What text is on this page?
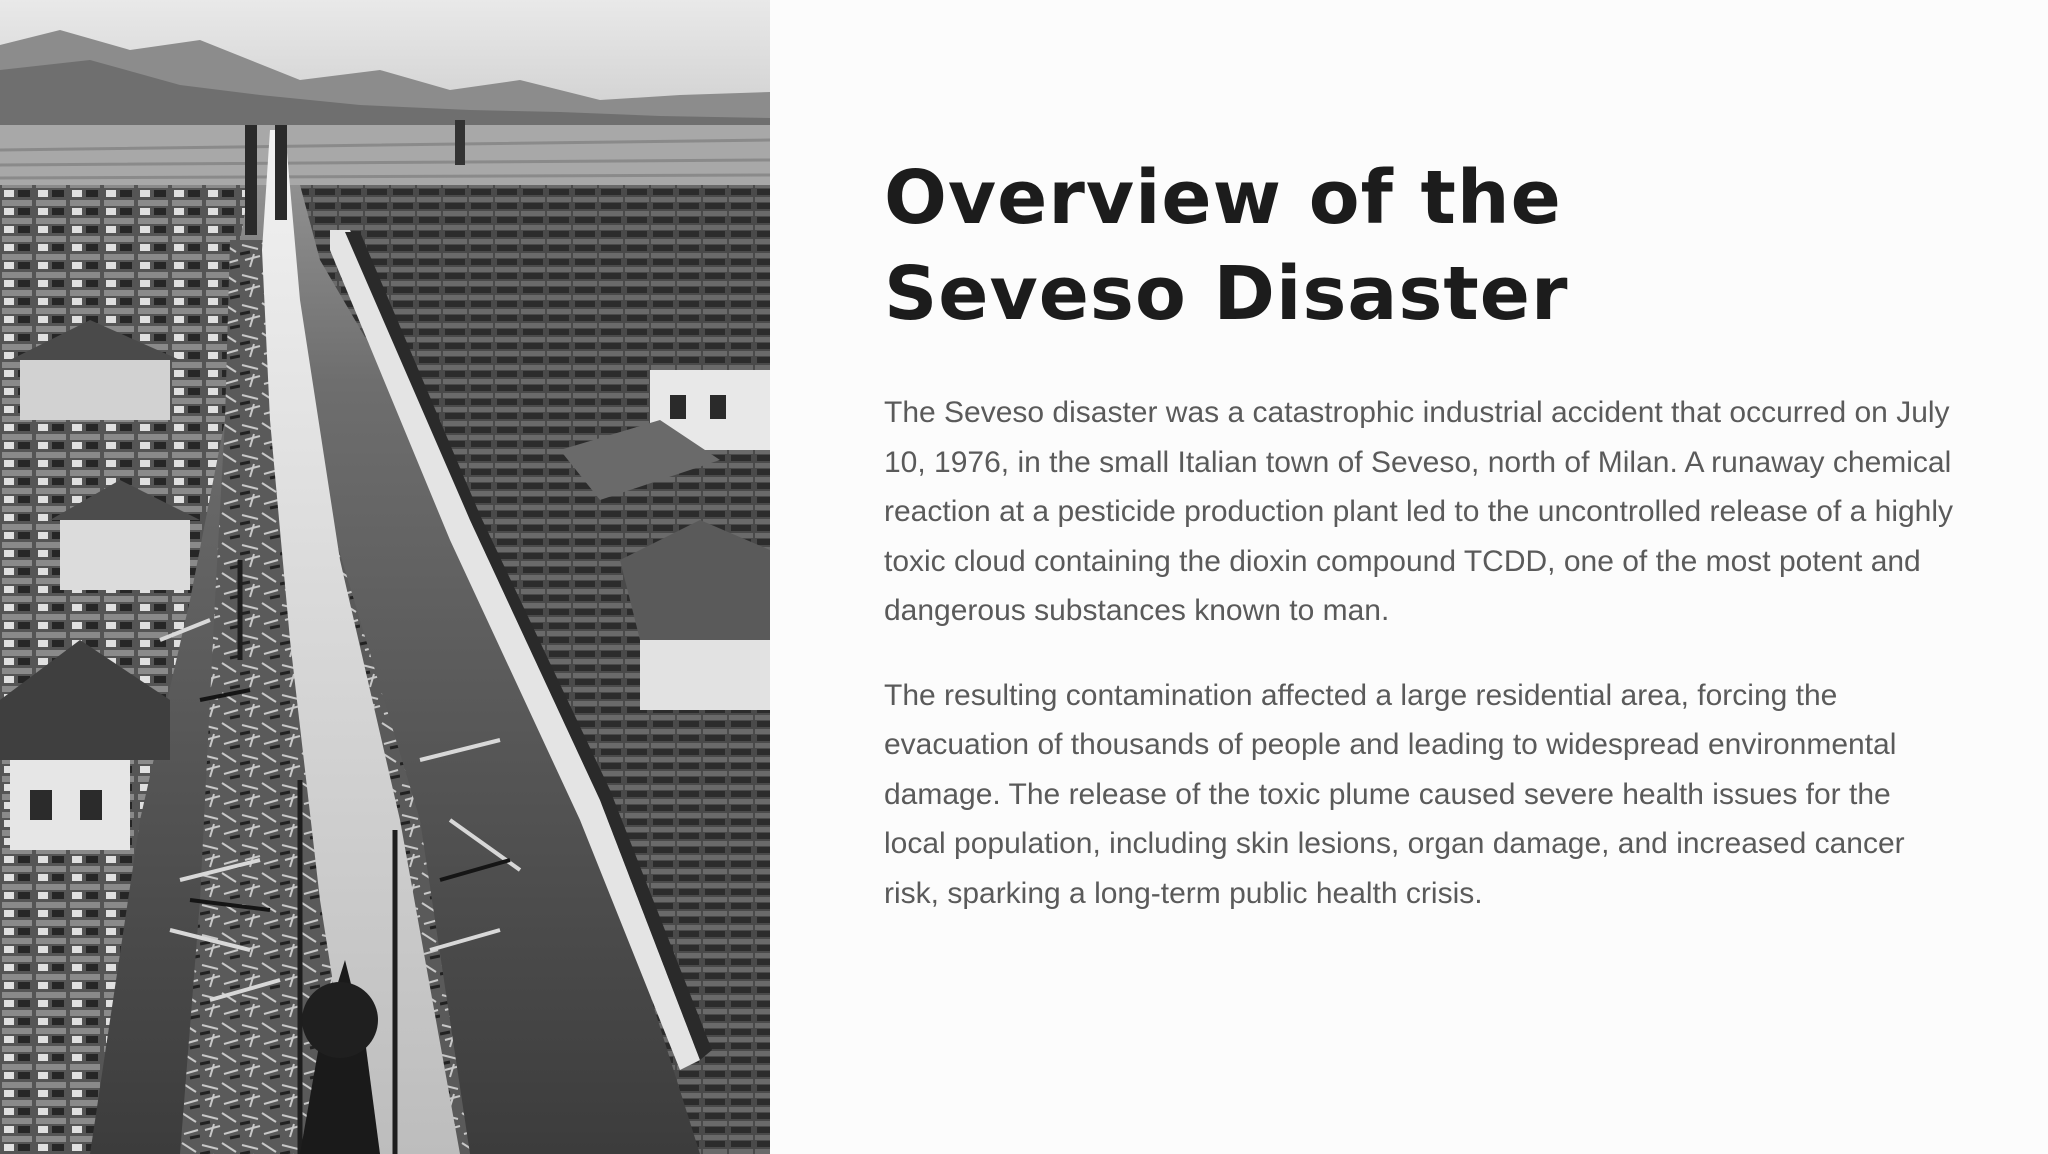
Overview of the Seveso Disaster

The Seveso disaster was a catastrophic industrial accident that occurred on July 10, 1976, in the small Italian town of Seveso, north of Milan. A runaway chemical reaction at a pesticide production plant led to the uncontrolled release of a highly toxic cloud containing the dioxin compound TCDD, one of the most potent and dangerous substances known to man.

The resulting contamination affected a large residential area, forcing the evacuation of thousands of people and leading to widespread environmental damage. The release of the toxic plume caused severe health issues for the local population, including skin lesions, organ damage, and increased cancer risk, sparking a long-term public health crisis.
